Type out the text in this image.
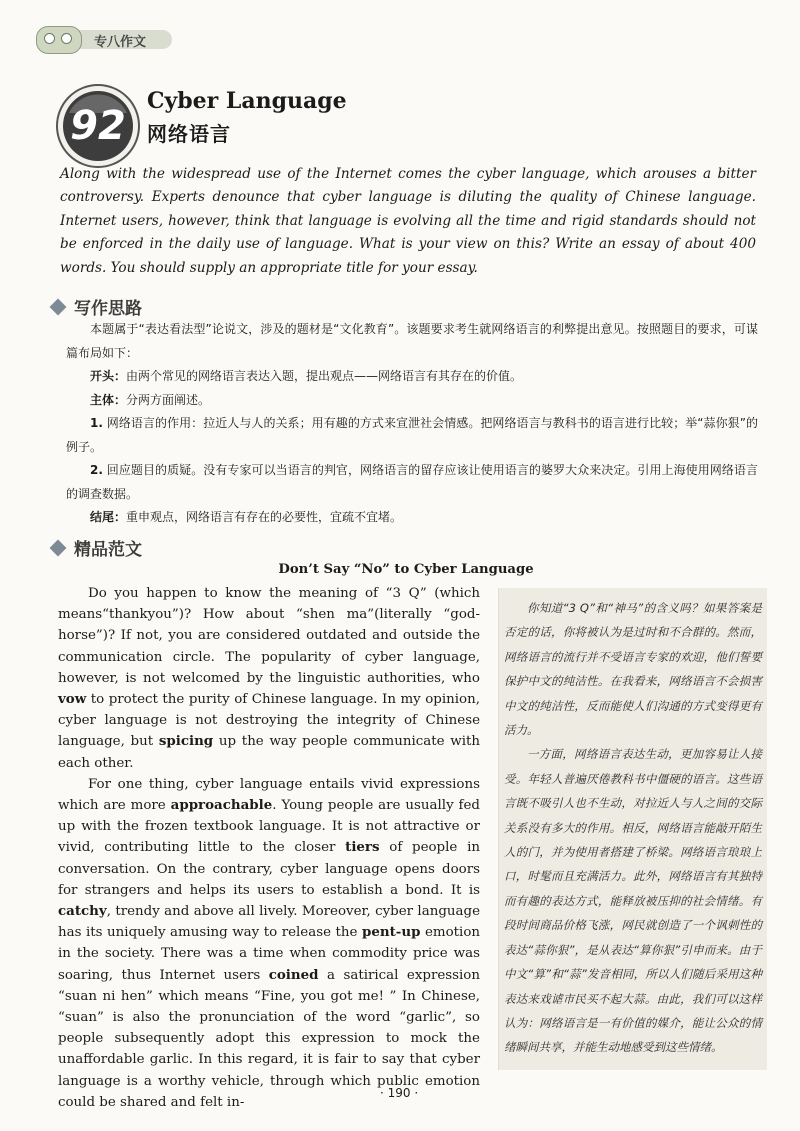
专八作文
92
Cyber Language
网络语言
Along with the widespread use of the Internet comes the cyber language, which arouses a bitter controversy. Experts denounce that cyber language is diluting the quality of Chinese language. Internet users, however, think that language is evolving all the time and rigid standards should not be enforced in the daily use of language. What is your view on this? Write an essay of about 400 words. You should supply an appropriate title for your essay.
写作思路

本题属于“表达看法型”论说文，涉及的题材是“文化教育”。该题要求考生就网络语言的利弊提出意见。按照题目的要求，可谋篇布局如下：

开头：由两个常见的网络语言表达入题，提出观点——网络语言有其存在的价值。

主体：分两方面阐述。

1. 网络语言的作用：拉近人与人的关系；用有趣的方式来宣泄社会情感。把网络语言与教科书的语言进行比较；举“蒜你狠”的例子。

2. 回应题目的质疑。没有专家可以当语言的判官，网络语言的留存应该让使用语言的婆罗大众来决定。引用上海使用网络语言的调查数据。

结尾：重申观点，网络语言有存在的必要性，宜疏不宜堵。

精品范文
Don’t Say “No” to Cyber Language

Do you happen to know the meaning of “3 Q” (which means“thankyou”)? How about “shen ma”(literally “god-horse”)? If not, you are considered outdated and outside the communication circle. The popularity of cyber language, however, is not welcomed by the linguistic authorities, who vow to protect the purity of Chinese language. In my opinion, cyber language is not destroying the integrity of Chinese language, but spicing up the way people communicate with each other.

For one thing, cyber language entails vivid expressions which are more approachable. Young people are usually fed up with the frozen textbook language. It is not attractive or vivid, contributing little to the closer tiers of people in conversation. On the contrary, cyber language opens doors for strangers and helps its users to establish a bond. It is catchy, trendy and above all lively. Moreover, cyber language has its uniquely amusing way to release the pent-up emotion in the society. There was a time when commodity price was soaring, thus Internet users coined a satirical expression “suan ni hen” which means “Fine, you got me! ” In Chinese, “suan” is also the pronunciation of the word “garlic”, so people subsequently adopt this expression to mock the unaffordable garlic. In this regard, it is fair to say that cyber language is a worthy vehicle, through which public emotion could be shared and felt in-

你知道“3 Q”和“神马”的含义吗？如果答案是否定的话，你将被认为是过时和不合群的。然而，网络语言的流行并不受语言专家的欢迎，他们誓要保护中文的纯洁性。在我看来，网络语言不会损害中文的纯洁性，反而能使人们沟通的方式变得更有活力。

一方面，网络语言表达生动，更加容易让人接受。年轻人普遍厌倦教科书中僵硬的语言。这些语言既不吸引人也不生动，对拉近人与人之间的交际关系没有多大的作用。相反，网络语言能敲开陌生人的门，并为使用者搭建了桥梁。网络语言琅琅上口，时髦而且充满活力。此外，网络语言有其独特而有趣的表达方式，能释放被压抑的社会情绪。有段时间商品价格飞涨，网民就创造了一个讽刺性的表达“蒜你狠”，是从表达“算你狠”引申而来。由于中文“算”和“蒜”发音相同，所以人们随后采用这种表达来戏谑市民买不起大蒜。由此，我们可以这样认为：网络语言是一有价值的媒介，能让公众的情绪瞬间共享，并能生动地感受到这些情绪。

· 190 ·
